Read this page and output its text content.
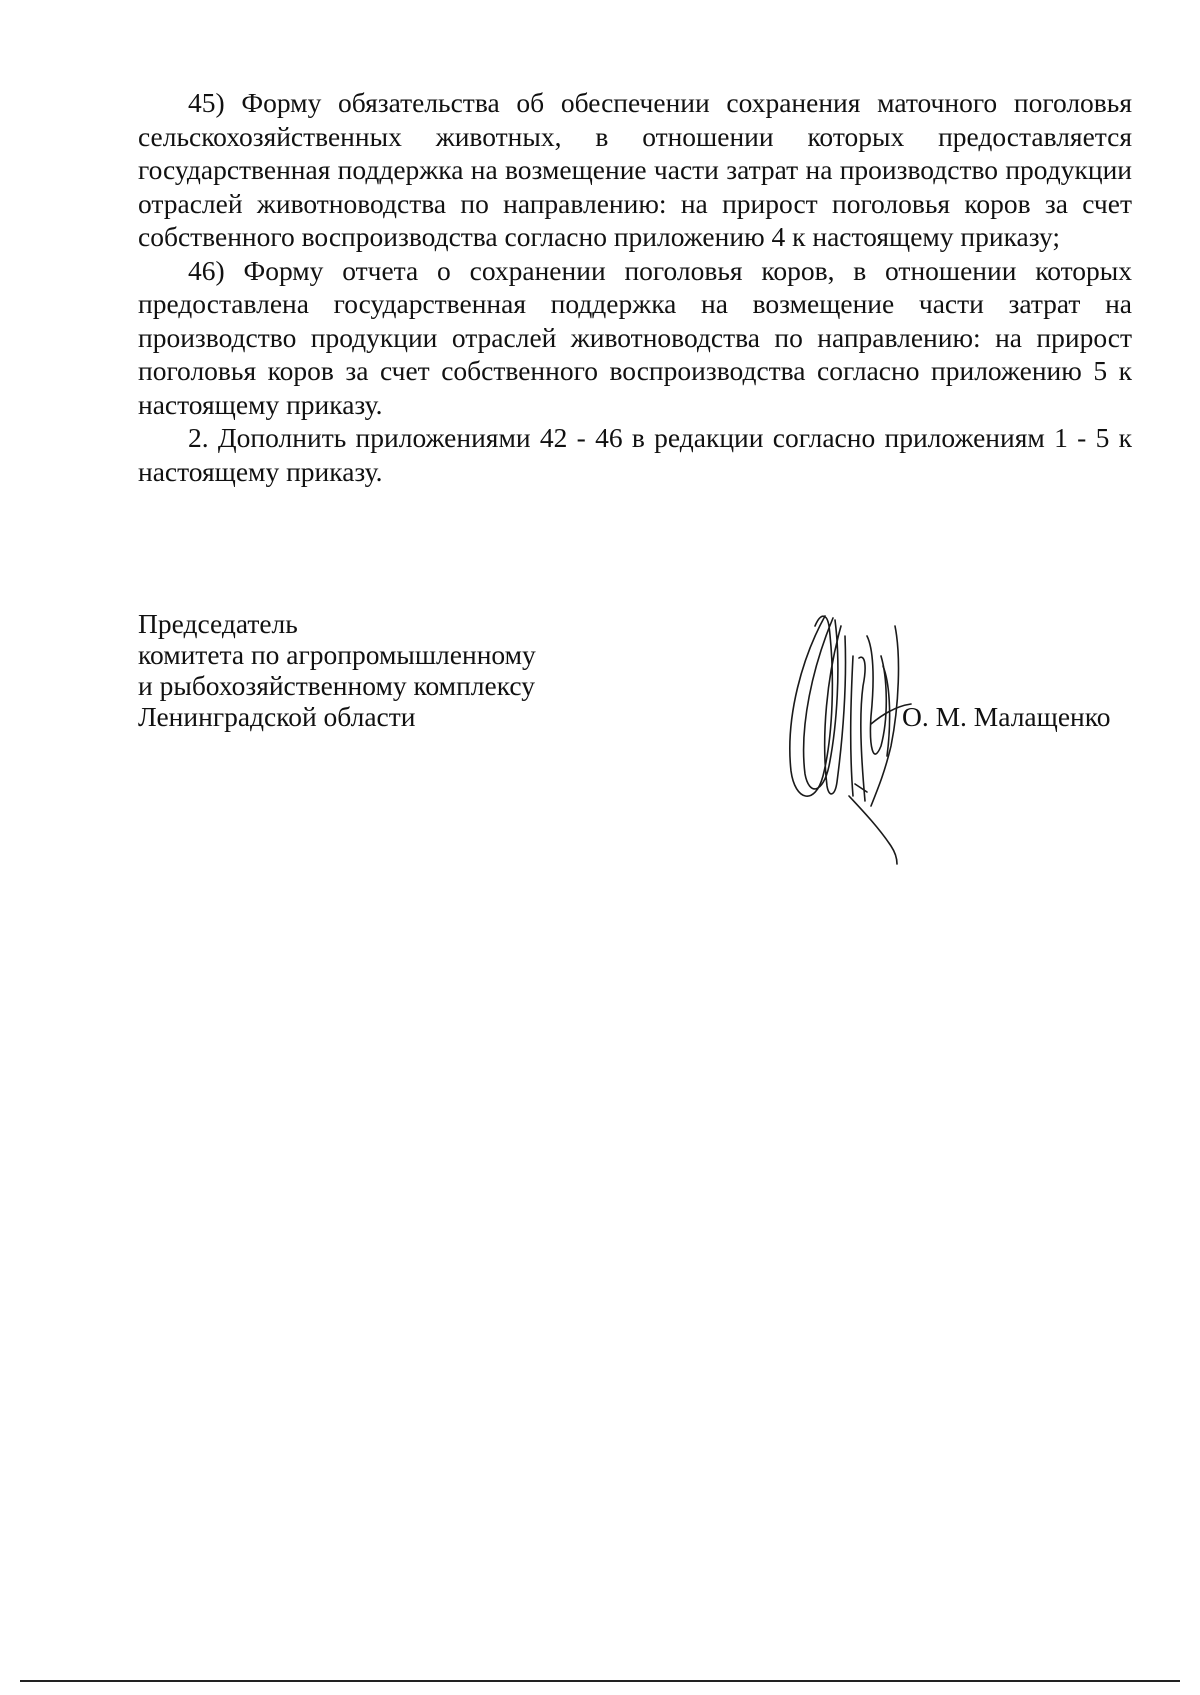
45) Форму обязательства об обеспечении сохранения маточного поголовья сельскохозяйственных животных, в отношении которых предоставляется государственная поддержка на возмещение части затрат на производство продукции отраслей животноводства по направлению: на прирост поголовья коров за счет собственного воспроизводства согласно приложению 4 к настоящему приказу;

46) Форму отчета о сохранении поголовья коров, в отношении которых предоставлена государственная поддержка на возмещение части затрат на производство продукции отраслей животноводства по направлению: на прирост поголовья коров за счет собственного воспроизводства согласно приложению 5 к настоящему приказу.

2. Дополнить приложениями 42 - 46 в редакции согласно приложениям 1 - 5 к настоящему приказу.

Председатель
комитета по агропромышленному
и рыбохозяйственному комплексу
Ленинградской области	О. М. Малащенко
